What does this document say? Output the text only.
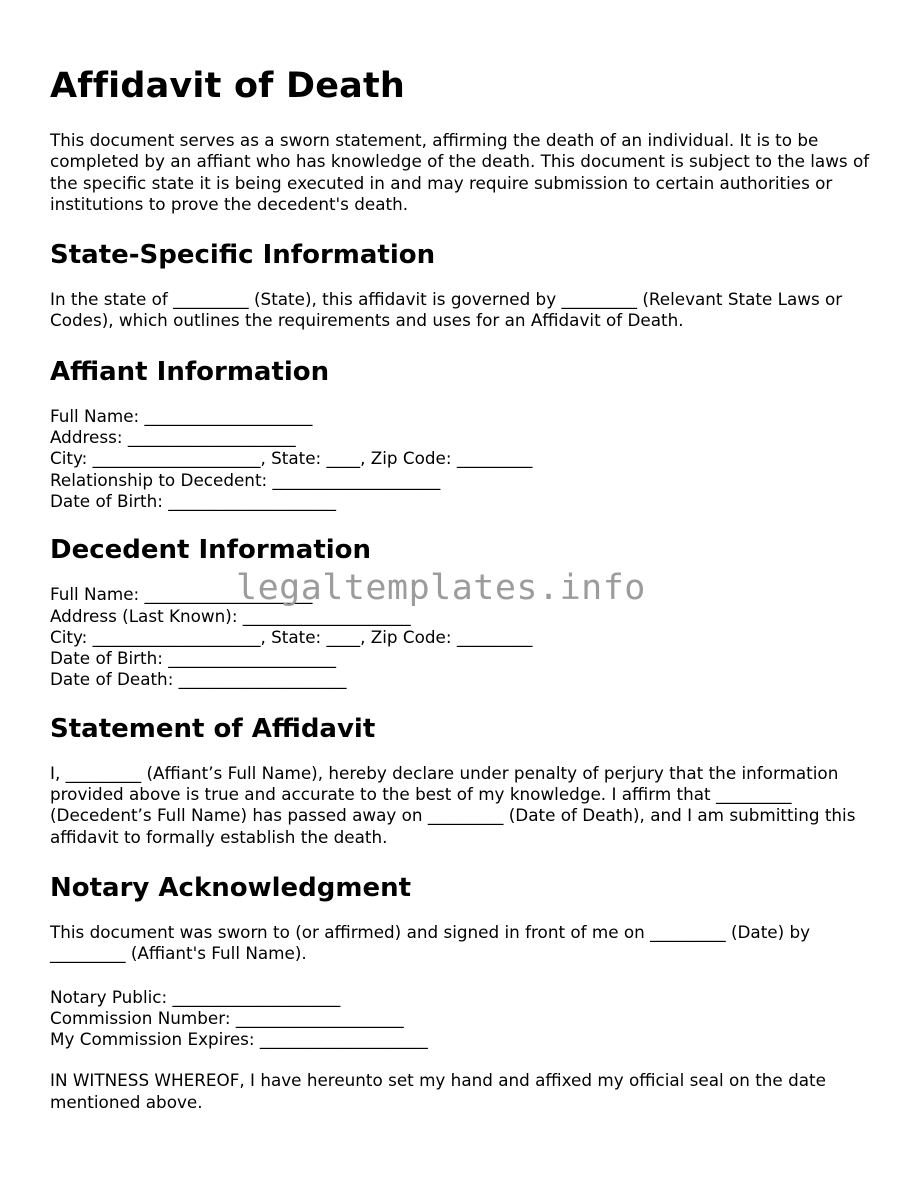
Affidavit of Death

This document serves as a sworn statement, affirming the death of an individual. It is to be completed by an affiant who has knowledge of the death. This document is subject to the laws of the specific state it is being executed in and may require submission to certain authorities or institutions to prove the decedent's death.

State-Specific Information

In the state of _________ (State), this affidavit is governed by _________ (Relevant State Laws or Codes), which outlines the requirements and uses for an Affidavit of Death.

Affiant Information

Full Name: ____________________
Address: ____________________
City: ____________________, State: ____, Zip Code: _________
Relationship to Decedent: ____________________
Date of Birth: ____________________

Decedent Information

Full Name: ____________________
Address (Last Known): ____________________
City: ____________________, State: ____, Zip Code: _________
Date of Birth: ____________________
Date of Death: ____________________

Statement of Affidavit

I, _________ (Affiant’s Full Name), hereby declare under penalty of perjury that the information provided above is true and accurate to the best of my knowledge. I affirm that _________ (Decedent’s Full Name) has passed away on _________ (Date of Death), and I am submitting this affidavit to formally establish the death.

Notary Acknowledgment

This document was sworn to (or affirmed) and signed in front of me on _________ (Date) by _________ (Affiant's Full Name).

Notary Public: ____________________
Commission Number: ____________________
My Commission Expires: ____________________

IN WITNESS WHEREOF, I have hereunto set my hand and affixed my official seal on the date mentioned above.

legaltemplates.info
